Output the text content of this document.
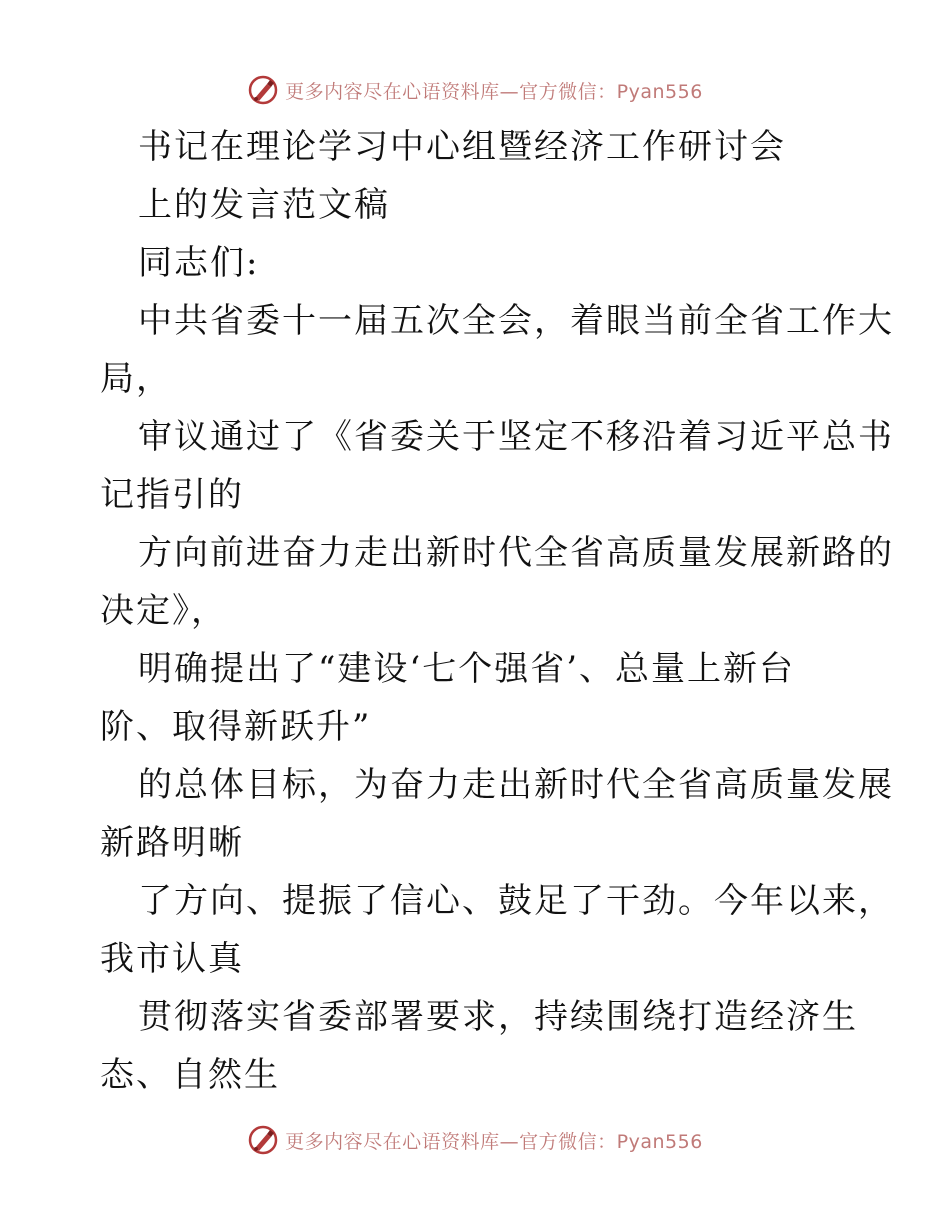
更多内容尽在心语资料库—官方微信：Pyan556
书记在理论学习中心组暨经济工作研讨会
上的发言范文稿
同志们:
中共省委十一届五次全会，着眼当前全省工作大
局，
审议通过了《省委关于坚定不移沿着习近平总书
记指引的
方向前进奋力走出新时代全省高质量发展新路的
决定》，
明确提出了“建设‘七个强省’、总量上新台
阶、取得新跃升”
的总体目标，为奋力走出新时代全省高质量发展
新路明晰
了方向、提振了信心、鼓足了干劲。今年以来，
我市认真
贯彻落实省委部署要求，持续围绕打造经济生
态、自然生
更多内容尽在心语资料库—官方微信：Pyan556
